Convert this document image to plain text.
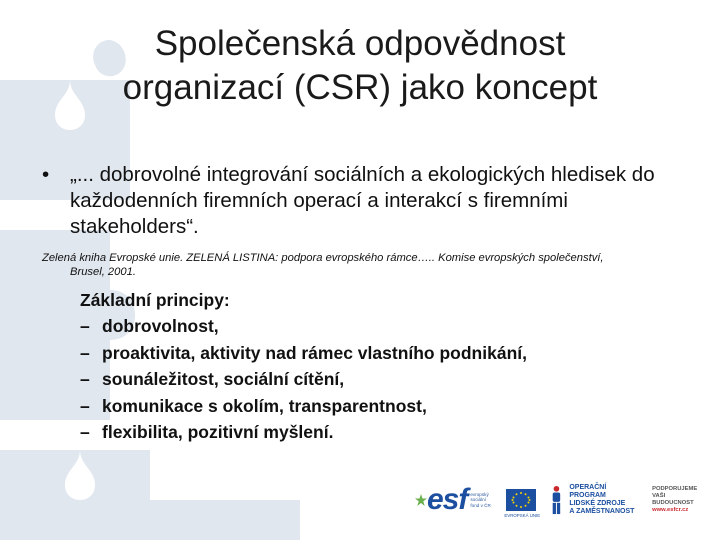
Společenská odpovědnost
organizací (CSR) jako koncept
• „... dobrovolné integrování sociálních a ekologických hledisek do každodenních firemních operací a interakcí s firemními stakeholders“.
Zelená kniha Evropské unie. ZELENÁ LISTINA: podpora evropského rámce….. Komise evropských společenství,
Brusel, 2001.
Základní principy:
– dobrovolnost,
– proaktivita, aktivity nad rámec vlastního podnikání,
– sounáležitost, sociální cítění,
– komunikace s okolím, transparentnost,
– flexibilita, pozitivní myšlení.
esf evropský
sociální
fond v ČR
EVROPSKÁ UNIE
OPERAČNÍ PROGRAM
LIDSKÉ ZDROJE
A ZAMĚSTNANOST
PODPORUJEME
VAŠI BUDOUCNOST
www.esfcr.cz
